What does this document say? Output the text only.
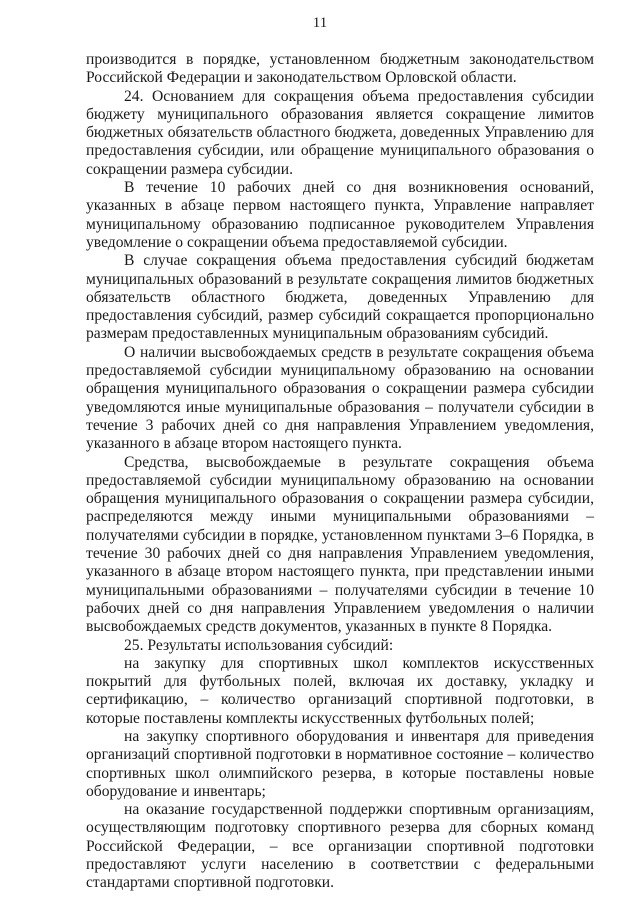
11

производится в порядке, установленном бюджетным законодательством Российской Федерации и законодательством Орловской области.

24. Основанием для сокращения объема предоставления субсидии бюджету муниципального образования является сокращение лимитов бюджетных обязательств областного бюджета, доведенных Управлению для предоставления субсидии, или обращение муниципального образования о сокращении размера субсидии.

В течение 10 рабочих дней со дня возникновения оснований, указанных в абзаце первом настоящего пункта, Управление направляет муниципальному образованию подписанное руководителем Управления уведомление о сокращении объема предоставляемой субсидии.

В случае сокращения объема предоставления субсидий бюджетам муниципальных образований в результате сокращения лимитов бюджетных обязательств областного бюджета, доведенных Управлению для предоставления субсидий, размер субсидий сокращается пропорционально размерам предоставленных муниципальным образованиям субсидий.

О наличии высвобождаемых средств в результате сокращения объема предоставляемой субсидии муниципальному образованию на основании обращения муниципального образования о сокращении размера субсидии уведомляются иные муниципальные образования – получатели субсидии в течение 3 рабочих дней со дня направления Управлением уведомления, указанного в абзаце втором настоящего пункта.

Средства, высвобождаемые в результате сокращения объема предоставляемой субсидии муниципальному образованию на основании обращения муниципального образования о сокращении размера субсидии, распределяются между иными муниципальными образованиями – получателями субсидии в порядке, установленном пунктами 3–6 Порядка, в течение 30 рабочих дней со дня направления Управлением уведомления, указанного в абзаце втором настоящего пункта, при представлении иными муниципальными образованиями – получателями субсидии в течение 10 рабочих дней со дня направления Управлением уведомления о наличии высвобождаемых средств документов, указанных в пункте 8 Порядка.

25. Результаты использования субсидий:

на закупку для спортивных школ комплектов искусственных покрытий для футбольных полей, включая их доставку, укладку и сертификацию, – количество организаций спортивной подготовки, в которые поставлены комплекты искусственных футбольных полей;

на закупку спортивного оборудования и инвентаря для приведения организаций спортивной подготовки в нормативное состояние – количество спортивных школ олимпийского резерва, в которые поставлены новые оборудование и инвентарь;

на оказание государственной поддержки спортивным организациям, осуществляющим подготовку спортивного резерва для сборных команд Российской Федерации, – все организации спортивной подготовки предоставляют услуги населению в соответствии с федеральными стандартами спортивной подготовки.
